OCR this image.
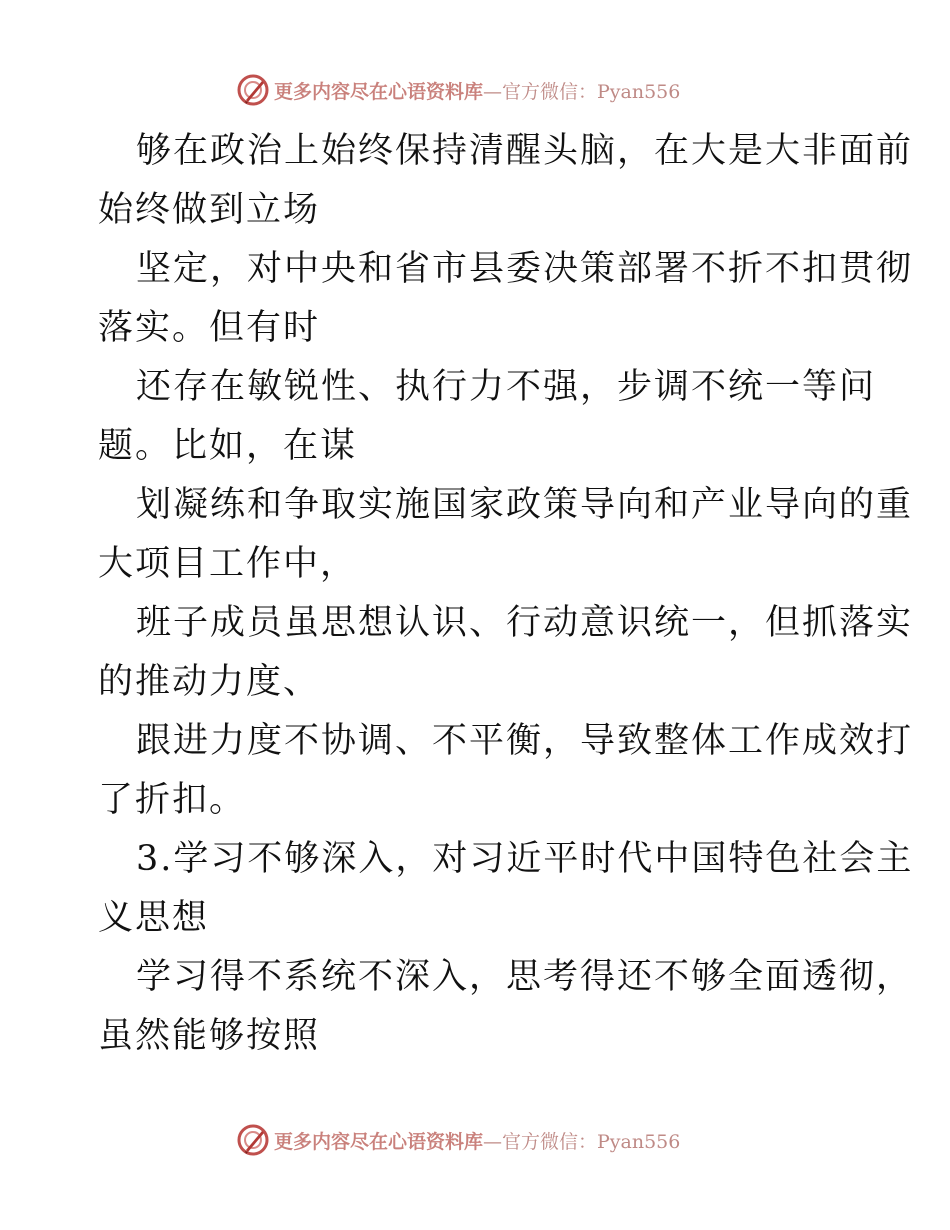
更多内容尽在心语资料库—官方微信：Pyan556

够在政治上始终保持清醒头脑，在大是大非面前
始终做到立场

坚定，对中央和省市县委决策部署不折不扣贯彻
落实。但有时

还存在敏锐性、执行力不强，步调不统一等问
题。比如，在谋

划凝练和争取实施国家政策导向和产业导向的重
大项目工作中，

班子成员虽思想认识、行动意识统一，但抓落实
的推动力度、

跟进力度不协调、不平衡，导致整体工作成效打
了折扣。

3.学习不够深入，对习近平时代中国特色社会主
义思想

学习得不系统不深入，思考得还不够全面透彻，
虽然能够按照

更多内容尽在心语资料库—官方微信：Pyan556
